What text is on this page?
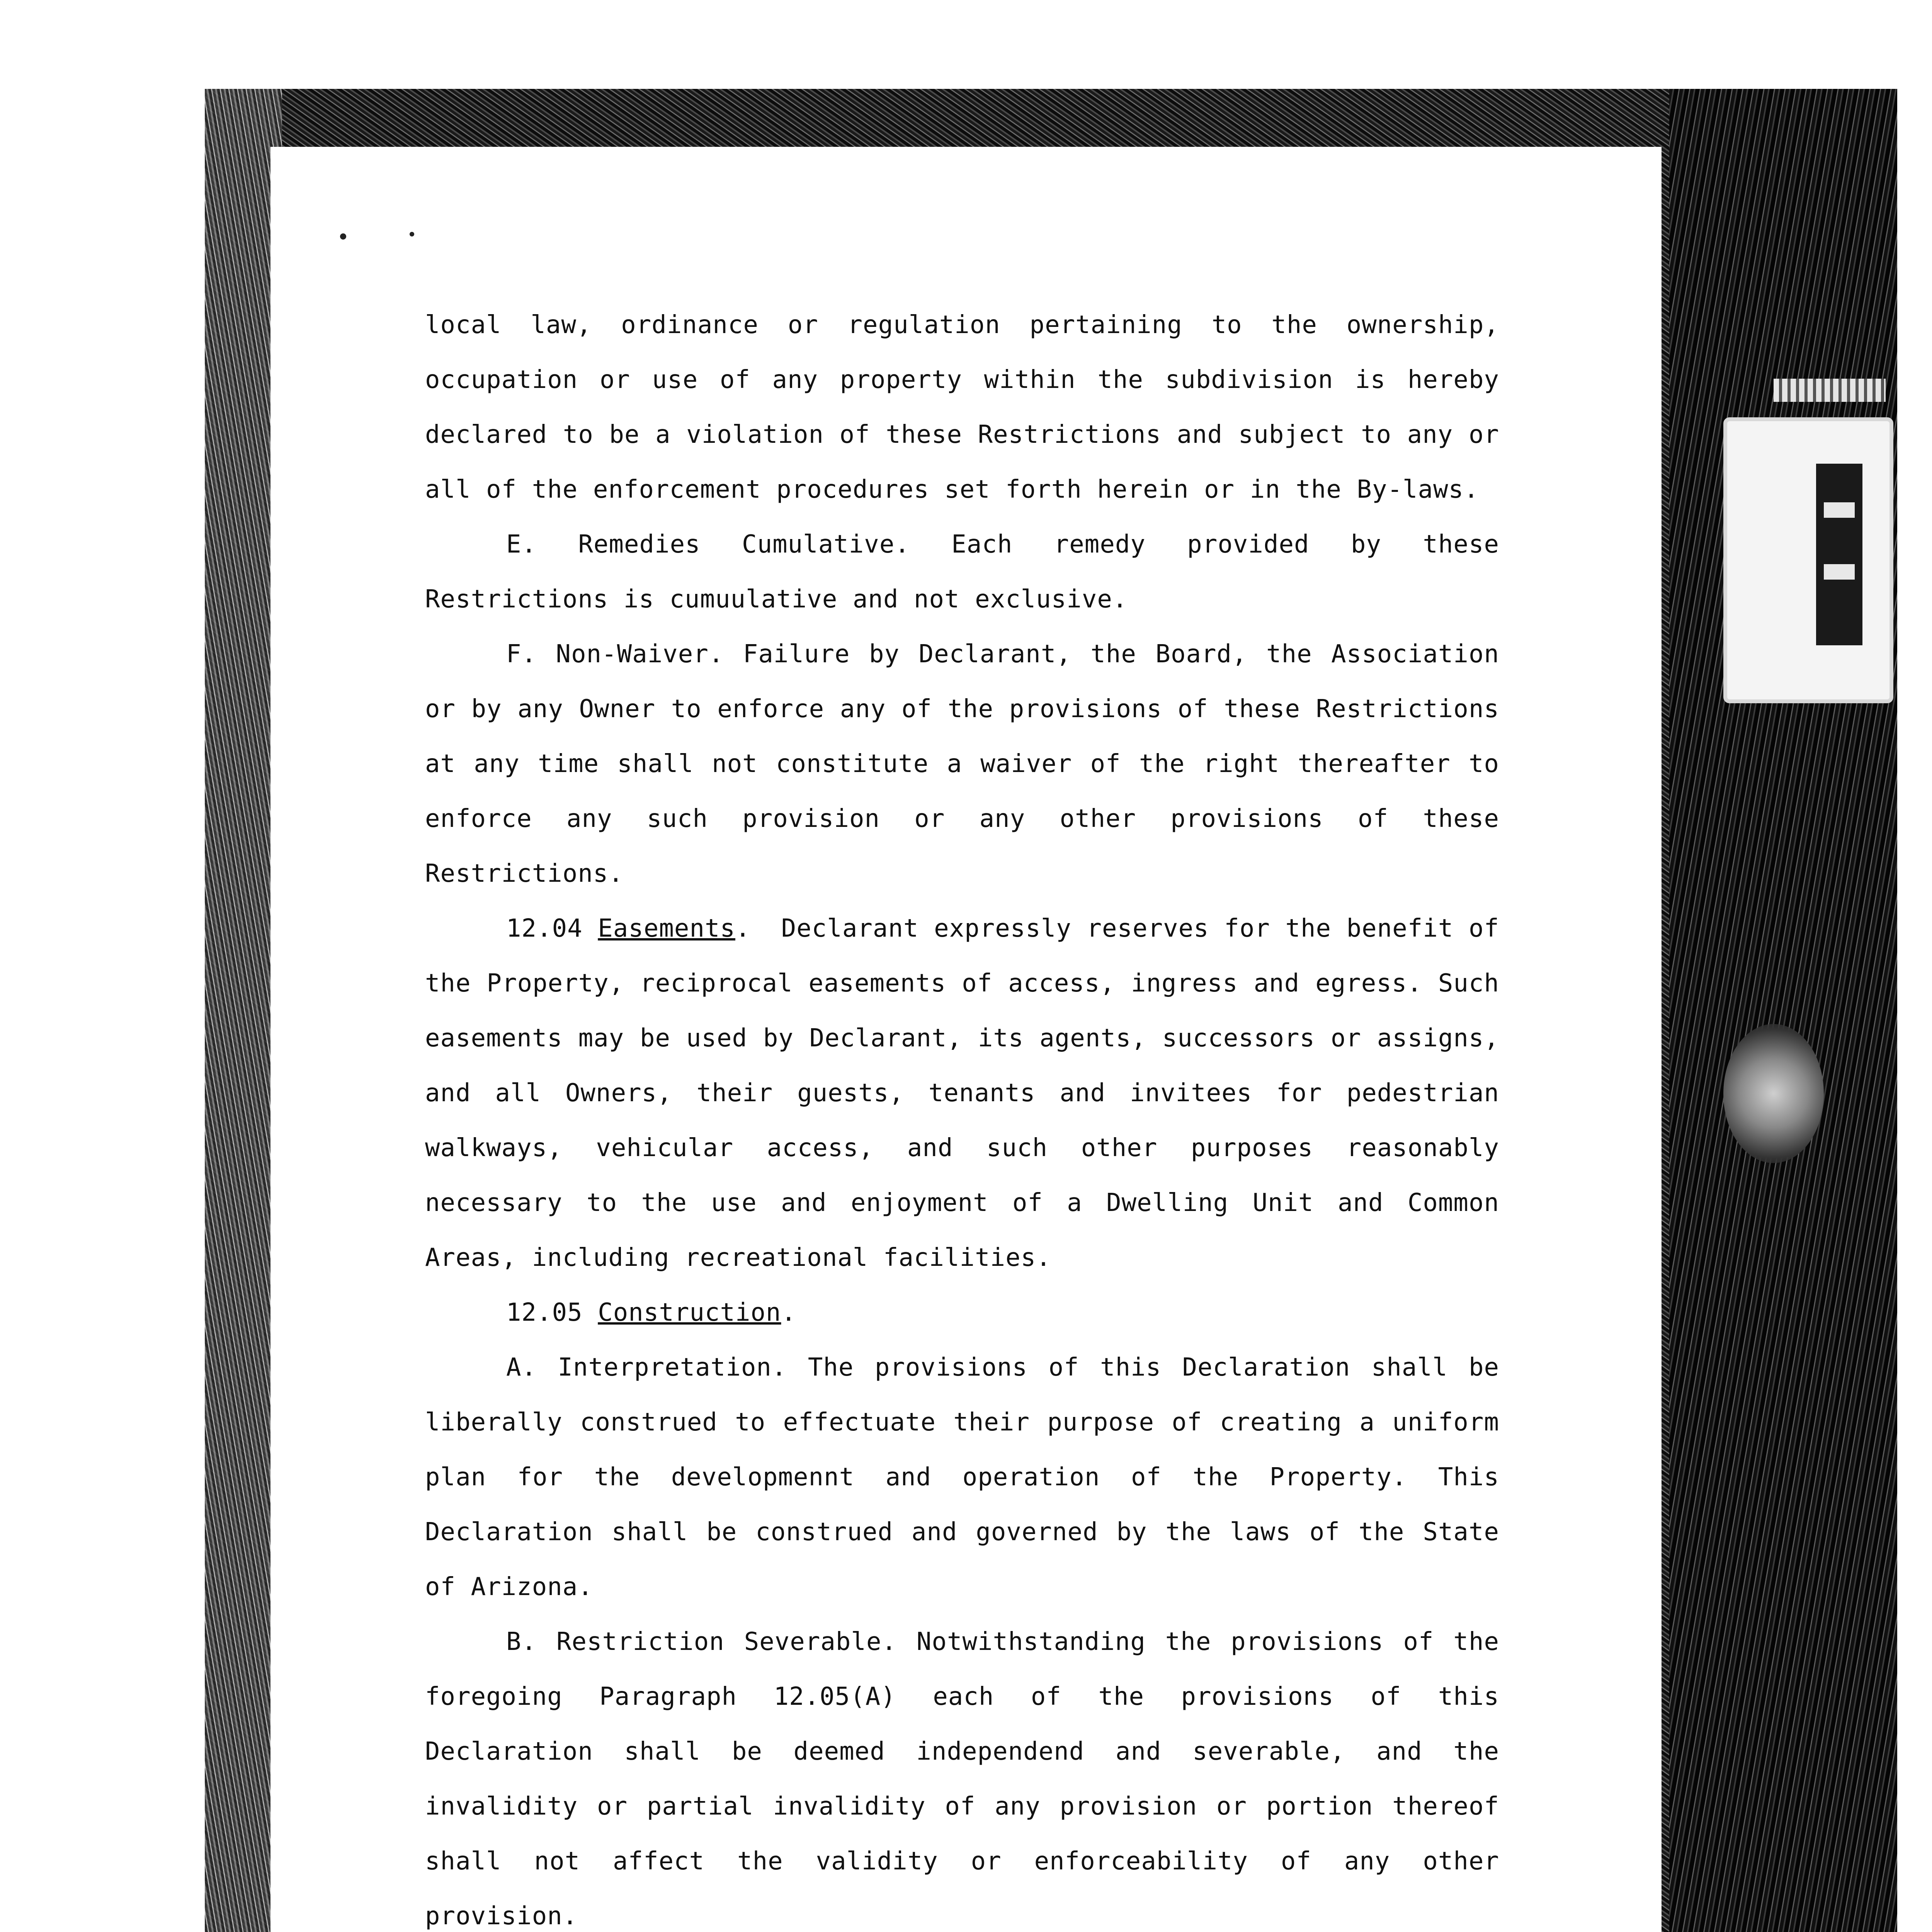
local law, ordinance or regulation pertaining to the ownership, occupation or use of any property within the subdivision is hereby declared to be a violation of these Restrictions and subject to any or all of the enforcement procedures set forth herein or in the By-laws.

E. Remedies Cumulative. Each remedy provided by these Restrictions is cumuulative and not exclusive.

F. Non-Waiver. Failure by Declarant, the Board, the Association or by any Owner to enforce any of the provisions of these Restrictions at any time shall not constitute a waiver of the right thereafter to enforce any such provision or any other provisions of these Restrictions.

12.04 Easements.  Declarant expressly reserves for the benefit of the Property, reciprocal easements of access, ingress and egress. Such easements may be used by Declarant, its agents, successors or assigns, and all Owners, their guests, tenants and invitees for pedestrian walkways, vehicular access, and such other purposes reasonably necessary to the use and enjoyment of a Dwelling Unit and Common Areas, including recreational facilities.

12.05 Construction.

A. Interpretation. The provisions of this Declaration shall be liberally construed to effectuate their purpose of creating a uniform plan for the developmennt and operation of the Property. This Declaration shall be construed and governed by the laws of the State of Arizona.

B. Restriction Severable. Notwithstanding the provisions of the foregoing Paragraph 12.05(A) each of the provisions of this Declaration shall be deemed independend and severable, and the invalidity or partial invalidity of any provision or portion thereof shall not affect the validity or enforceability of any other provision.
